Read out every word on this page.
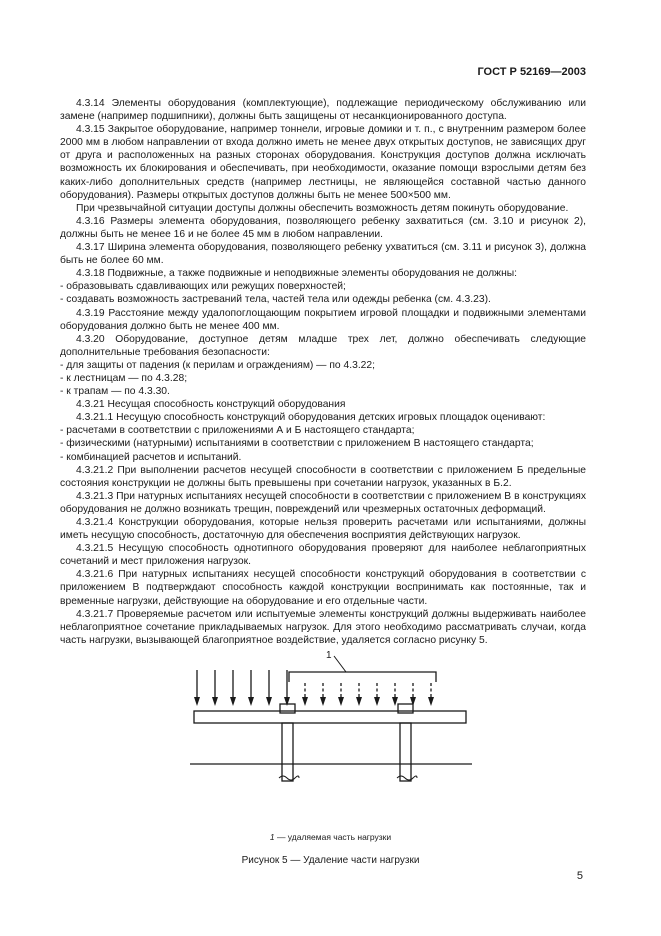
ГОСТ Р 52169—2003

4.3.14 Элементы оборудования (комплектующие), подлежащие периодическому обслуживанию или замене (например подшипники), должны быть защищены от несанкционированного доступа.

4.3.15 Закрытое оборудование, например тоннели, игровые домики и т. п., с внутренним размером более 2000 мм в любом направлении от входа должно иметь не менее двух открытых доступов, не зависящих друг от друга и расположенных на разных сторонах оборудования. Конструкция доступов должна исключать возможность их блокирования и обеспечивать, при необходимости, оказание помощи взрослыми детям без каких-либо дополнительных средств (например лестницы, не являющейся составной частью данного оборудования). Размеры открытых доступов должны быть не менее 500×500 мм.

При чрезвычайной ситуации доступы должны обеспечить возможность детям покинуть оборудование.

4.3.16 Размеры элемента оборудования, позволяющего ребенку захватиться (см. 3.10 и рисунок 2), должны быть не менее 16 и не более 45 мм в любом направлении.

4.3.17 Ширина элемента оборудования, позволяющего ребенку ухватиться (см. 3.11 и рисунок 3), должна быть не более 60 мм.

4.3.18 Подвижные, а также подвижные и неподвижные элементы оборудования не должны:

- образовывать сдавливающих или режущих поверхностей;

- создавать возможность застреваний тела, частей тела или одежды ребенка (см. 4.3.23).

4.3.19 Расстояние между удалопоглощающим покрытием игровой площадки и подвижными элементами оборудования должно быть не менее 400 мм.

4.3.20 Оборудование, доступное детям младше трех лет, должно обеспечивать следующие дополнительные требования безопасности:

- для защиты от падения (к перилам и ограждениям) — по 4.3.22;

- к лестницам — по 4.3.28;

- к трапам — по 4.3.30.

4.3.21 Несущая способность конструкций оборудования

4.3.21.1 Несущую способность конструкций оборудования детских игровых площадок оценивают:

- расчетами в соответствии с приложениями А и Б настоящего стандарта;

- физическими (натурными) испытаниями в соответствии с приложением В настоящего стандарта;

- комбинацией расчетов и испытаний.

4.3.21.2 При выполнении расчетов несущей способности в соответствии с приложением Б предельные состояния конструкции не должны быть превышены при сочетании нагрузок, указанных в Б.2.

4.3.21.3 При натурных испытаниях несущей способности в соответствии с приложением В в конструкциях оборудования не должно возникать трещин, повреждений или чрезмерных остаточных деформаций.

4.3.21.4 Конструкции оборудования, которые нельзя проверить расчетами или испытаниями, должны иметь несущую способность, достаточную для обеспечения восприятия действующих нагрузок.

4.3.21.5 Несущую способность однотипного оборудования проверяют для наиболее неблагоприятных сочетаний и мест приложения нагрузок.

4.3.21.6 При натурных испытаниях несущей способности конструкций оборудования в соответствии с приложением В подтверждают способность каждой конструкции воспринимать как постоянные, так и временные нагрузки, действующие на оборудование и его отдельные части.

4.3.21.7 Проверяемые расчетом или испытуемые элементы конструкций должны выдерживать наиболее неблагоприятное сочетание прикладываемых нагрузок. Для этого необходимо рассматривать случаи, когда часть нагрузки, вызывающей благоприятное воздействие, удаляется согласно рисунку 5.

1
1 — удаляемая часть нагрузки
Рисунок 5 — Удаление части нагрузки
5
